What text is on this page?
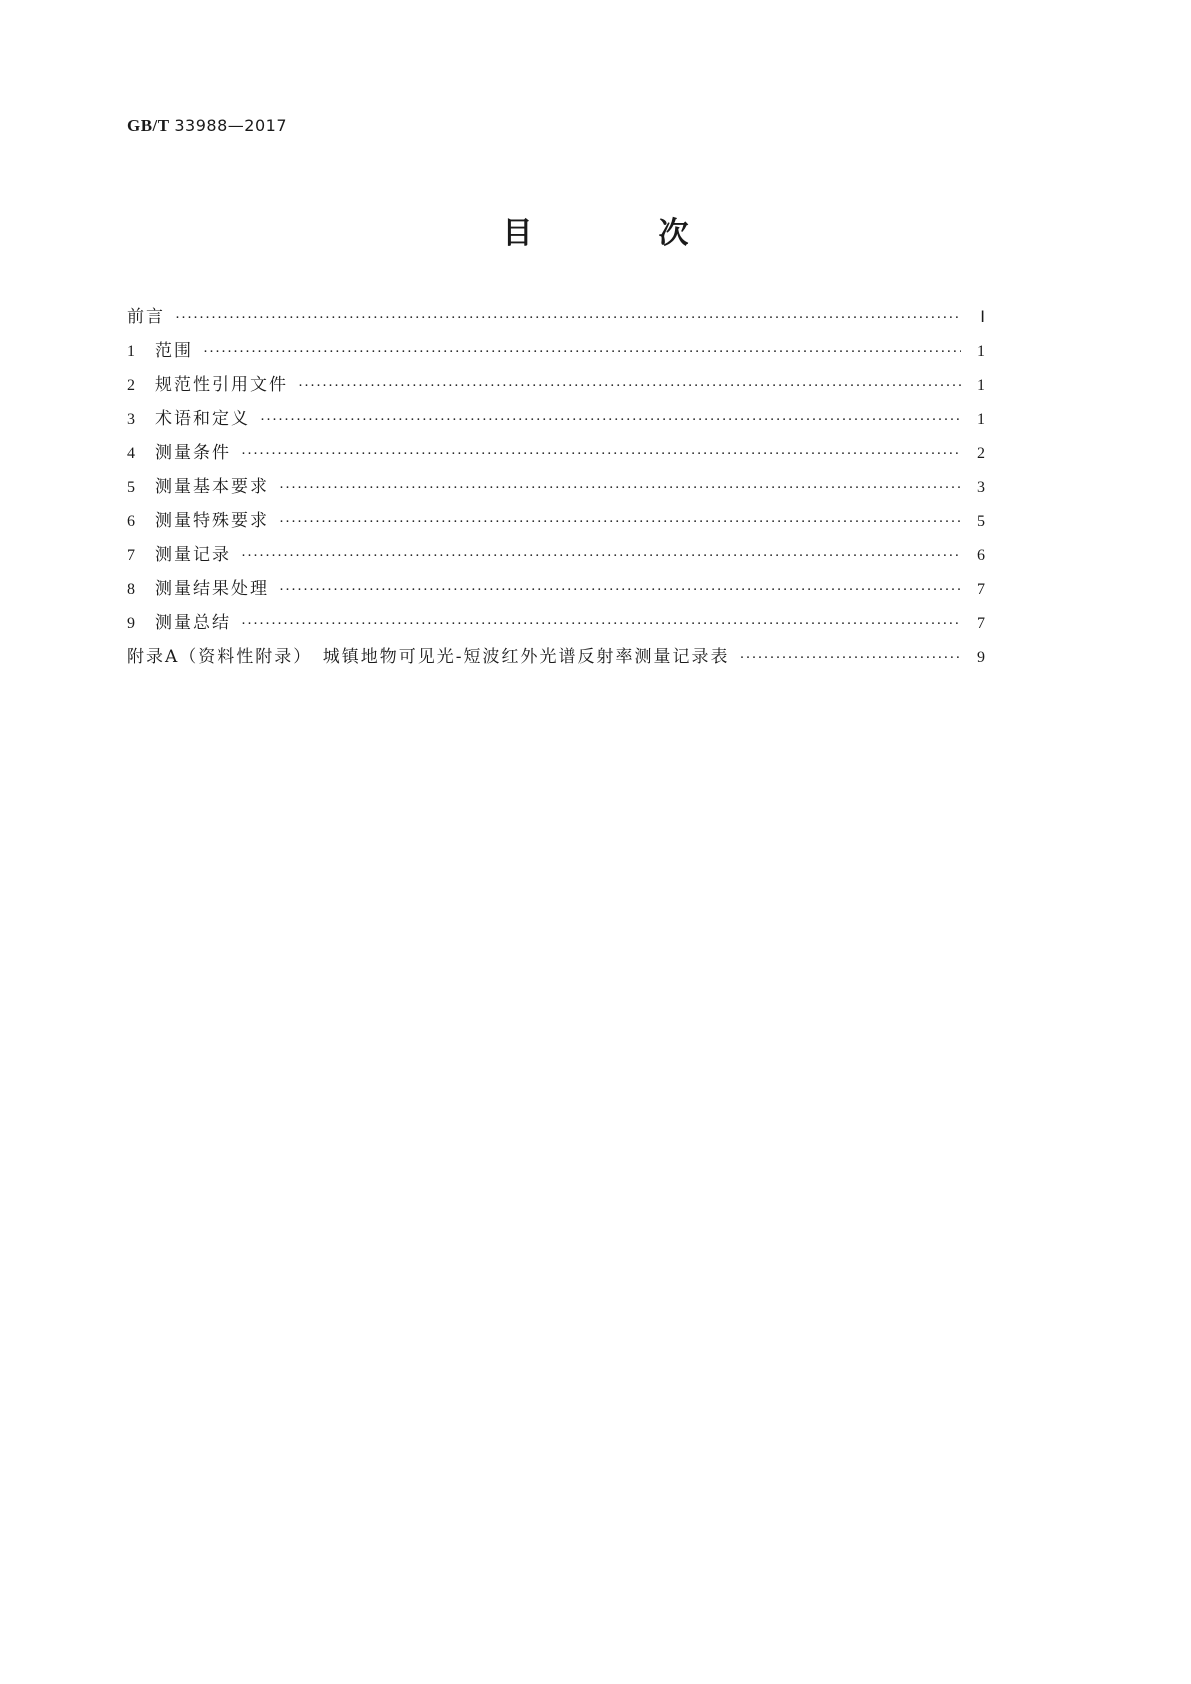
GB/T 33988—2017
目　次
前言 ·····	Ⅰ
1	范围 ·····	1
2	规范性引用文件 ·····	1
3	术语和定义 ·····	1
4	测量条件 ·····	2
5	测量基本要求 ·····	3
6	测量特殊要求 ·····	5
7	测量记录 ·····	6
8	测量结果处理 ·····	7
9	测量总结 ·····	7
附录A（资料性附录）　城镇地物可见光-短波红外光谱反射率测量记录表 ·····	9
